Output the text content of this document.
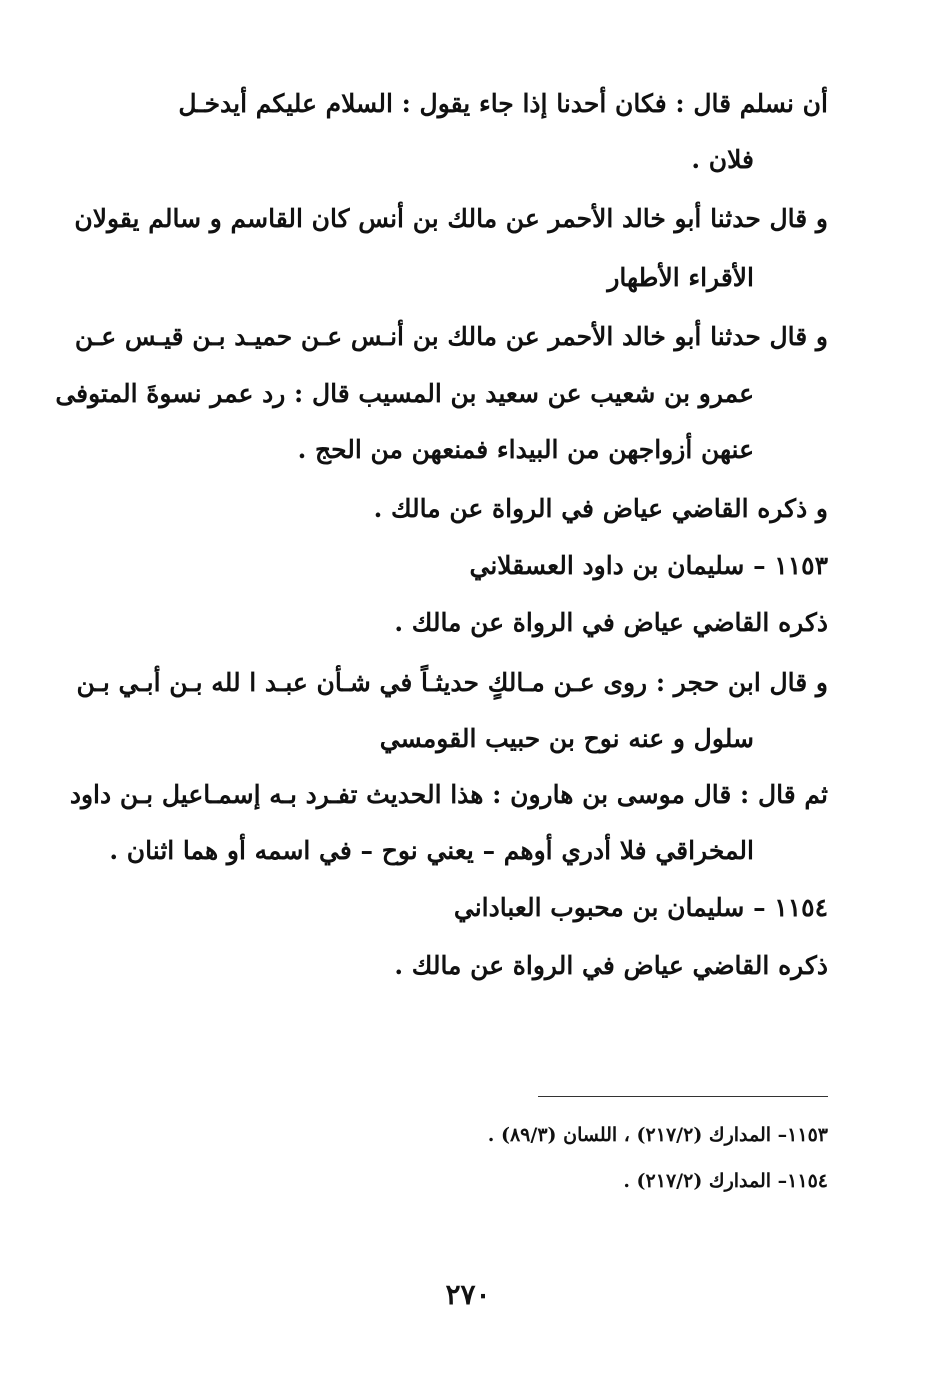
أن نسلم قال : فكان أحدنا إذا جاء يقول : السلام عليكم أيدخـل
فلان .
و قال حدثنا أبو خالد الأحمر عن مالك بن أنس كان القاسم و سالم يقولان
الأقراء الأطهار
و قال حدثنا أبو خالد الأحمر عن مالك بن أنـس عـن حميـد بـن قيـس عـن
عمرو بن شعيب عن سعيد بن المسيب قال : رد عمر نسوةَ المتوفى
عنهن أزواجهن من البيداء فمنعهن من الحج .
و ذكره القاضي عياض في الرواة عن مالك .
١١٥٣ – سليمان بن داود العسقلاني
ذكره القاضي عياض في الرواة عن مالك .
و قال ابن حجر : روى عـن مـالكٍ حديثـاً في شـأن عبـد ا لله بـن أبـي بـن
سلول و عنه نوح بن حبيب القومسي
ثم قال : قال موسى بن هارون : هذا الحديث تفـرد بـه إسمـاعيل بـن داود
المخراقي فلا أدري أوهم – يعني نوح – في اسمه أو هما اثنان .
١١٥٤ – سليمان بن محبوب العباداني
ذكره القاضي عياض في الرواة عن مالك .
١١٥٣– المدارك (٢١٧/٢) ، اللسان (٨٩/٣) .
١١٥٤– المدارك (٢١٧/٢) .
٢٧٠
